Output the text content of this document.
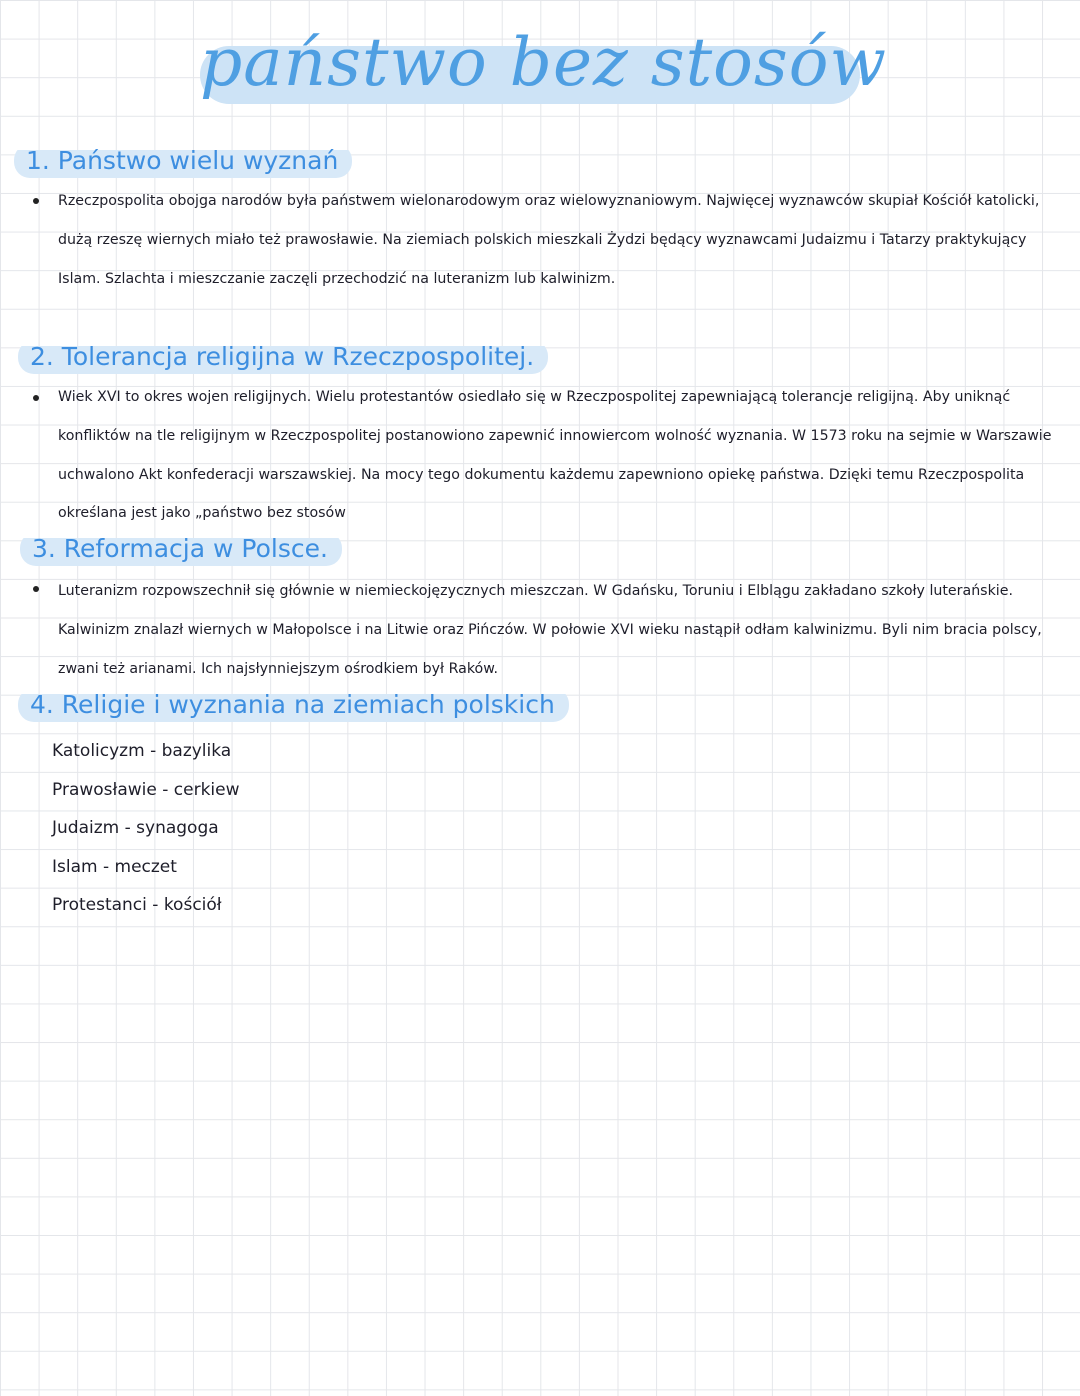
państwo bez stosów
1. Państwo wielu wyznań
Rzeczpospolita obojga narodów była państwem wielonarodowym oraz wielowyznaniowym. Najwięcej wyznawców skupiał Kościół katolicki, dużą rzeszę wiernych miało też prawosławie. Na ziemiach polskich mieszkali Żydzi będący wyznawcami Judaizmu i Tatarzy praktykujący Islam. Szlachta i mieszczanie zaczęli przechodzić na luteranizm lub kalwinizm.
2. Tolerancja religijna w Rzeczpospolitej.
Wiek XVI to okres wojen religijnych. Wielu protestantów osiedlało się w Rzeczpospolitej zapewniającą tolerancje religijną. Aby uniknąć konfliktów na tle religijnym w Rzeczpospolitej postanowiono zapewnić innowiercom wolność wyznania. W 1573 roku na sejmie w Warszawie uchwalono Akt konfederacji warszawskiej. Na mocy tego dokumentu każdemu zapewniono opiekę państwa. Dzięki temu Rzeczpospolita określana jest jako „państwo bez stosów
3. Reformacja w Polsce.
Luteranizm rozpowszechnił się głównie w niemieckojęzycznych mieszczan. W Gdańsku, Toruniu i Elblągu zakładano szkoły luterańskie. Kalwinizm znalazł wiernych w Małopolsce i na Litwie oraz Pińczów. W połowie XVI wieku nastąpił odłam kalwinizmu. Byli nim bracia polscy, zwani też arianami. Ich najsłynniejszym ośrodkiem był Raków.
4. Religie i wyznania na ziemiach polskich
Katolicyzm - bazylika
Prawosławie - cerkiew
Judaizm - synagoga
Islam - meczet
Protestanci - kościół
